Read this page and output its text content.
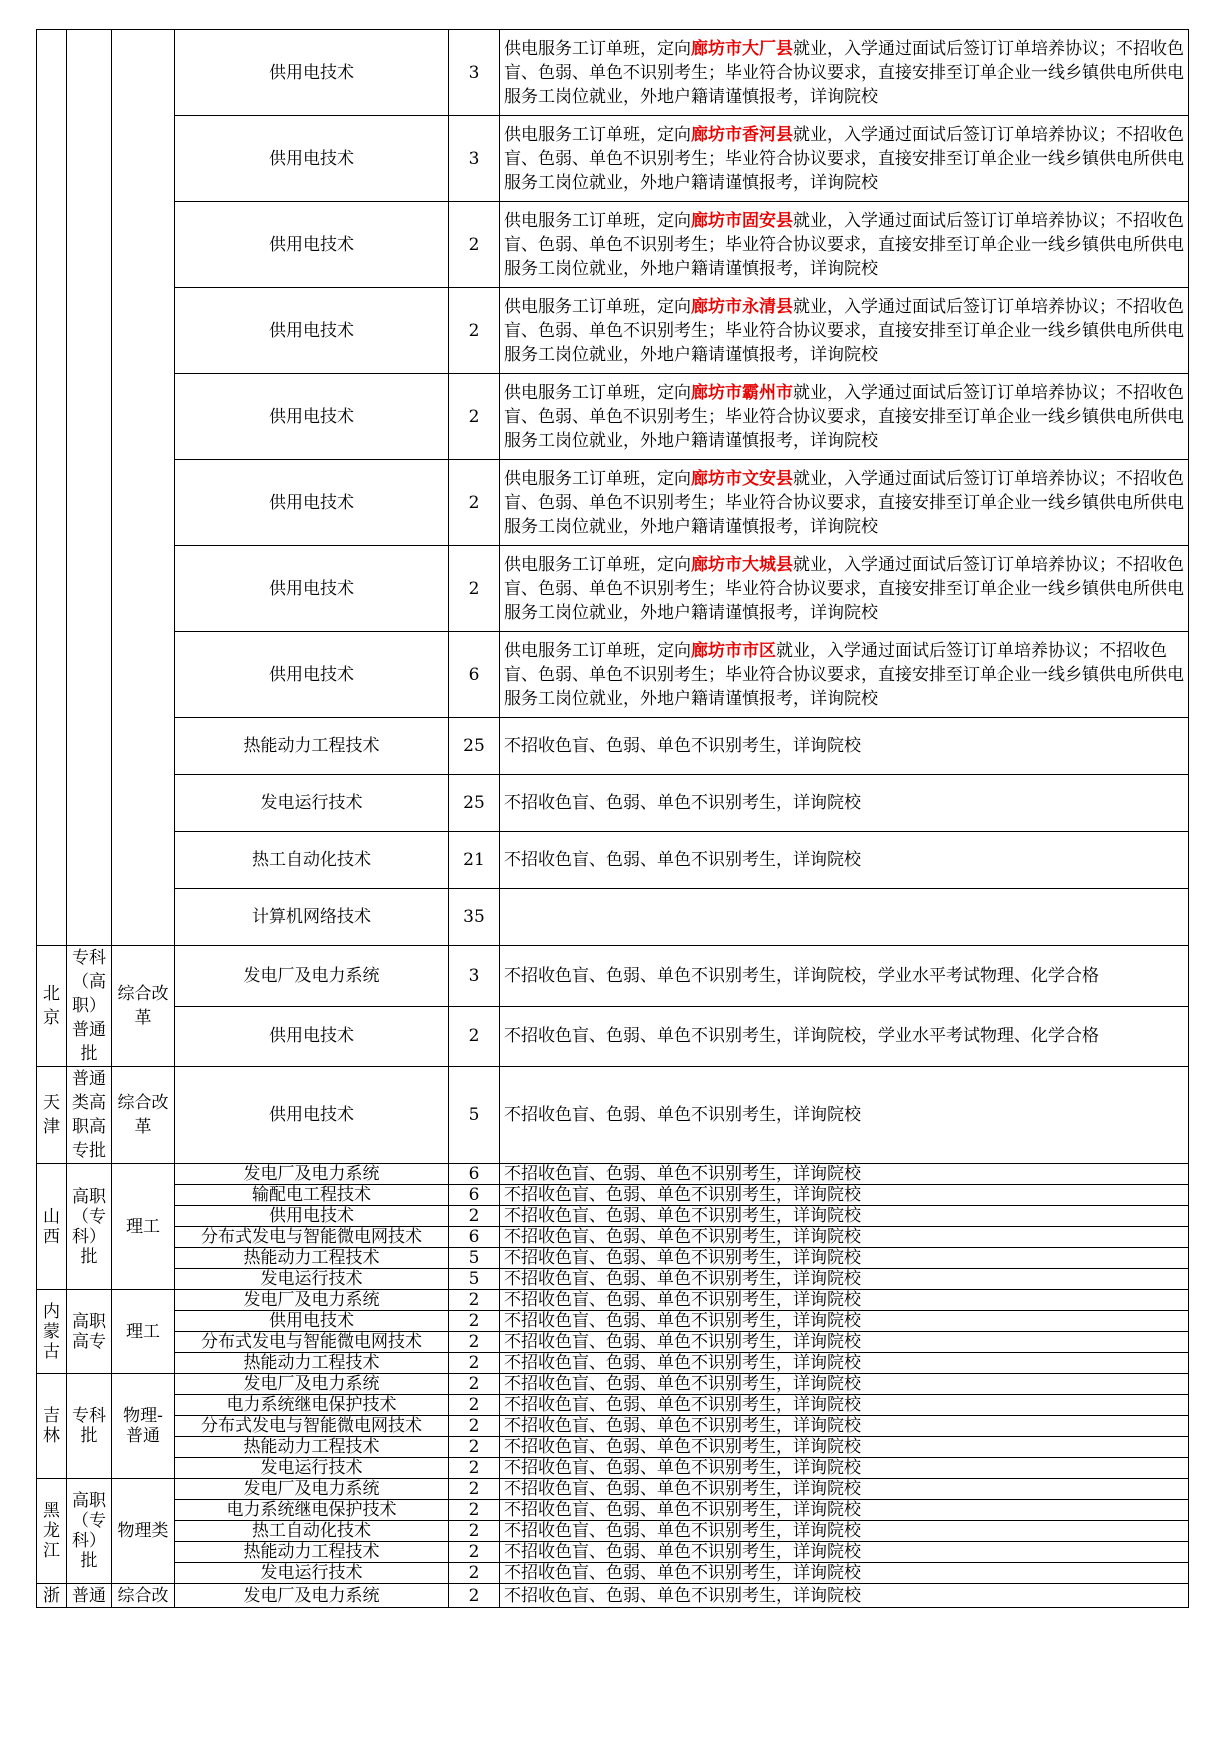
			供用电技术	3	供电服务工订单班，定向廊坊市大厂县就业，入学通过面试后签订订单培养协议；不招收色盲、色弱、单色不识别考生；毕业符合协议要求，直接安排至订单企业一线乡镇供电所供电服务工岗位就业，外地户籍请谨慎报考，详询院校
			供用电技术	3	供电服务工订单班，定向廊坊市香河县就业，入学通过面试后签订订单培养协议；不招收色盲、色弱、单色不识别考生；毕业符合协议要求，直接安排至订单企业一线乡镇供电所供电服务工岗位就业，外地户籍请谨慎报考，详询院校
			供用电技术	2	供电服务工订单班，定向廊坊市固安县就业，入学通过面试后签订订单培养协议；不招收色盲、色弱、单色不识别考生；毕业符合协议要求，直接安排至订单企业一线乡镇供电所供电服务工岗位就业，外地户籍请谨慎报考，详询院校
			供用电技术	2	供电服务工订单班，定向廊坊市永清县就业，入学通过面试后签订订单培养协议；不招收色盲、色弱、单色不识别考生；毕业符合协议要求，直接安排至订单企业一线乡镇供电所供电服务工岗位就业，外地户籍请谨慎报考，详询院校
			供用电技术	2	供电服务工订单班，定向廊坊市霸州市就业，入学通过面试后签订订单培养协议；不招收色盲、色弱、单色不识别考生；毕业符合协议要求，直接安排至订单企业一线乡镇供电所供电服务工岗位就业，外地户籍请谨慎报考，详询院校
			供用电技术	2	供电服务工订单班，定向廊坊市文安县就业，入学通过面试后签订订单培养协议；不招收色盲、色弱、单色不识别考生；毕业符合协议要求，直接安排至订单企业一线乡镇供电所供电服务工岗位就业，外地户籍请谨慎报考，详询院校
			供用电技术	2	供电服务工订单班，定向廊坊市大城县就业，入学通过面试后签订订单培养协议；不招收色盲、色弱、单色不识别考生；毕业符合协议要求，直接安排至订单企业一线乡镇供电所供电服务工岗位就业，外地户籍请谨慎报考，详询院校
			供用电技术	6	供电服务工订单班，定向廊坊市市区就业，入学通过面试后签订订单培养协议；不招收色盲、色弱、单色不识别考生；毕业符合协议要求，直接安排至订单企业一线乡镇供电所供电服务工岗位就业，外地户籍请谨慎报考，详询院校
			热能动力工程技术	25	不招收色盲、色弱、单色不识别考生，详询院校
			发电运行技术	25	不招收色盲、色弱、单色不识别考生，详询院校
			热工自动化技术	21	不招收色盲、色弱、单色不识别考生，详询院校
			计算机网络技术	35	
北京	专科（高职）普通批	综合改革	发电厂及电力系统	3	不招收色盲、色弱、单色不识别考生，详询院校，学业水平考试物理、化学合格
			供用电技术	2	不招收色盲、色弱、单色不识别考生，详询院校，学业水平考试物理、化学合格
天津	普通类高职高专批	综合改革	供用电技术	5	不招收色盲、色弱、单色不识别考生，详询院校
山西	高职（专科）批	理工	发电厂及电力系统	6	不招收色盲、色弱、单色不识别考生，详询院校
			输配电工程技术	6	不招收色盲、色弱、单色不识别考生，详询院校
			供用电技术	2	不招收色盲、色弱、单色不识别考生，详询院校
			分布式发电与智能微电网技术	6	不招收色盲、色弱、单色不识别考生，详询院校
			热能动力工程技术	5	不招收色盲、色弱、单色不识别考生，详询院校
			发电运行技术	5	不招收色盲、色弱、单色不识别考生，详询院校
内蒙古	高职高专	理工	发电厂及电力系统	2	不招收色盲、色弱、单色不识别考生，详询院校
			供用电技术	2	不招收色盲、色弱、单色不识别考生，详询院校
			分布式发电与智能微电网技术	2	不招收色盲、色弱、单色不识别考生，详询院校
			热能动力工程技术	2	不招收色盲、色弱、单色不识别考生，详询院校
吉林	专科批	物理-普通	发电厂及电力系统	2	不招收色盲、色弱、单色不识别考生，详询院校
			电力系统继电保护技术	2	不招收色盲、色弱、单色不识别考生，详询院校
			分布式发电与智能微电网技术	2	不招收色盲、色弱、单色不识别考生，详询院校
			热能动力工程技术	2	不招收色盲、色弱、单色不识别考生，详询院校
			发电运行技术	2	不招收色盲、色弱、单色不识别考生，详询院校
黑龙江	高职（专科）批	物理类	发电厂及电力系统	2	不招收色盲、色弱、单色不识别考生，详询院校
			电力系统继电保护技术	2	不招收色盲、色弱、单色不识别考生，详询院校
			热工自动化技术	2	不招收色盲、色弱、单色不识别考生，详询院校
			热能动力工程技术	2	不招收色盲、色弱、单色不识别考生，详询院校
			发电运行技术	2	不招收色盲、色弱、单色不识别考生，详询院校
浙	普通	综合改	发电厂及电力系统	2	不招收色盲、色弱、单色不识别考生，详询院校
